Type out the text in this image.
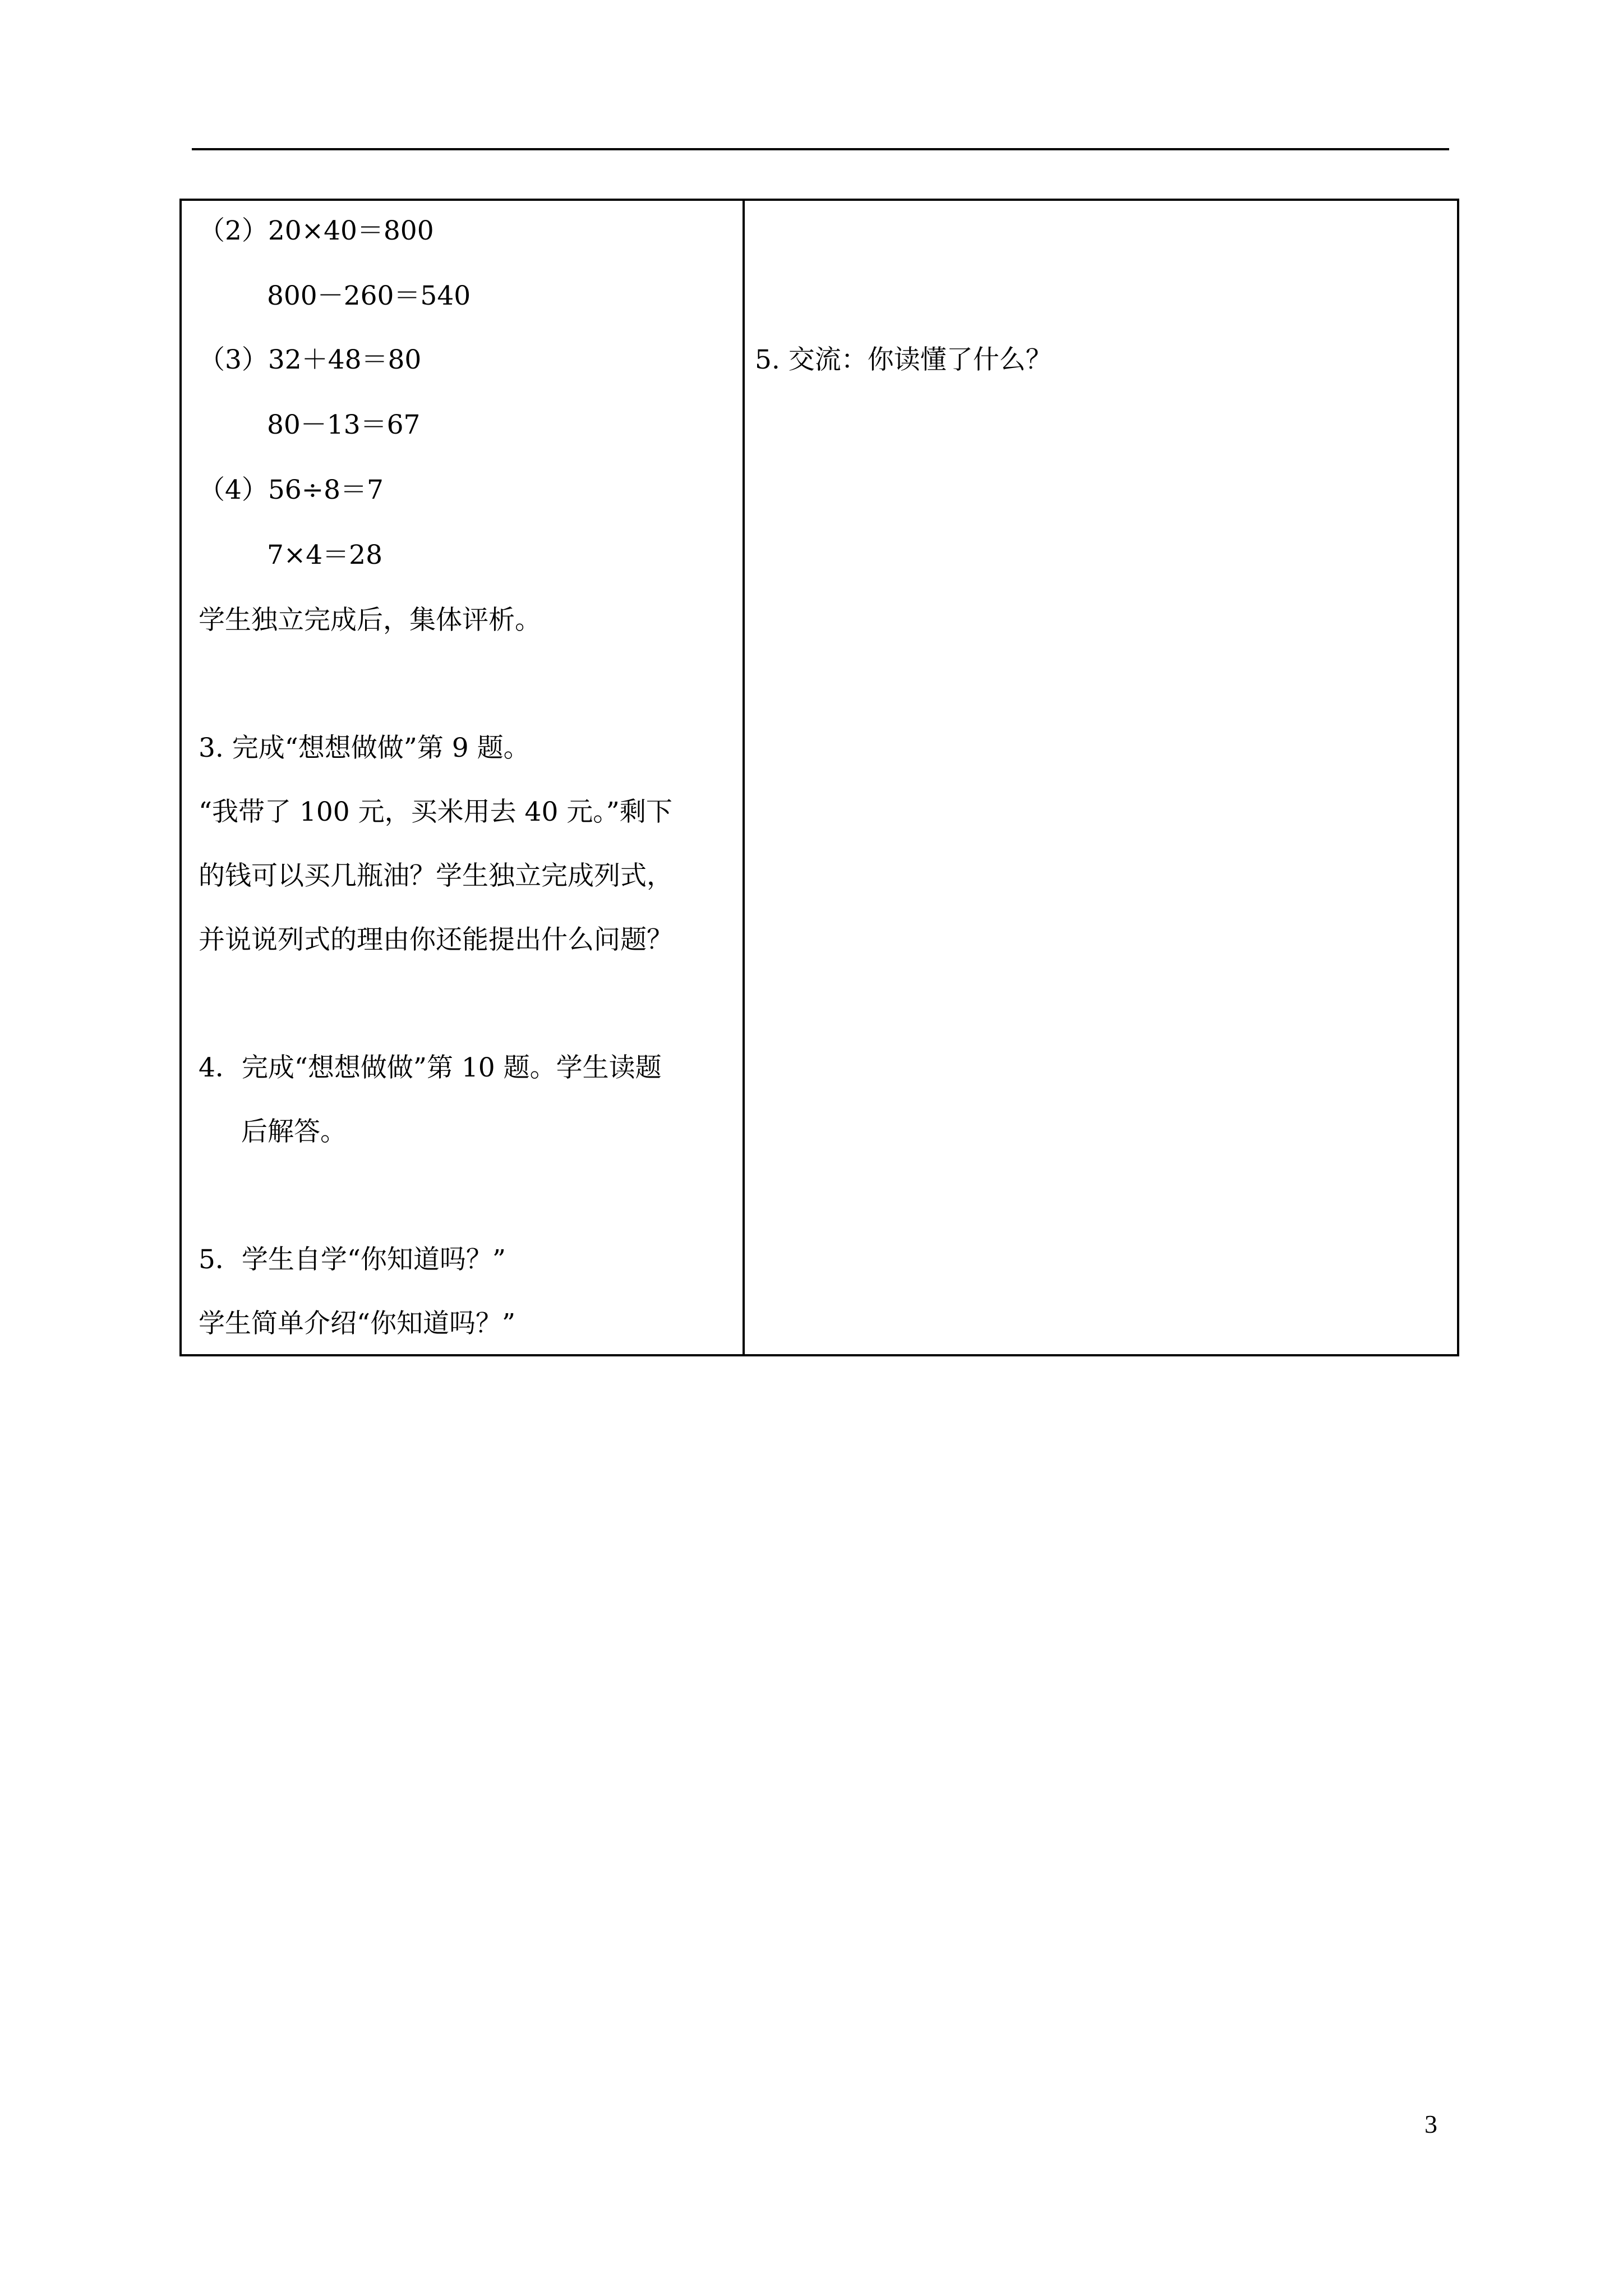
（2）20×40＝800
800－260＝540
（3）32＋48＝80
80－13＝67
（4）56÷8＝7
7×4＝28
学生独立完成后，集体评析。
3. 完成“想想做做”第 9 题。
“我带了 100 元，买米用去 40 元。”剩下
的钱可以买几瓶油？学生独立完成列式，
并说说列式的理由你还能提出什么问题？
4．完成“想想做做”第 10 题。学生读题
后解答。
5．学生自学“你知道吗？”
学生简单介绍“你知道吗？”
5. 交流：你读懂了什么？
3
